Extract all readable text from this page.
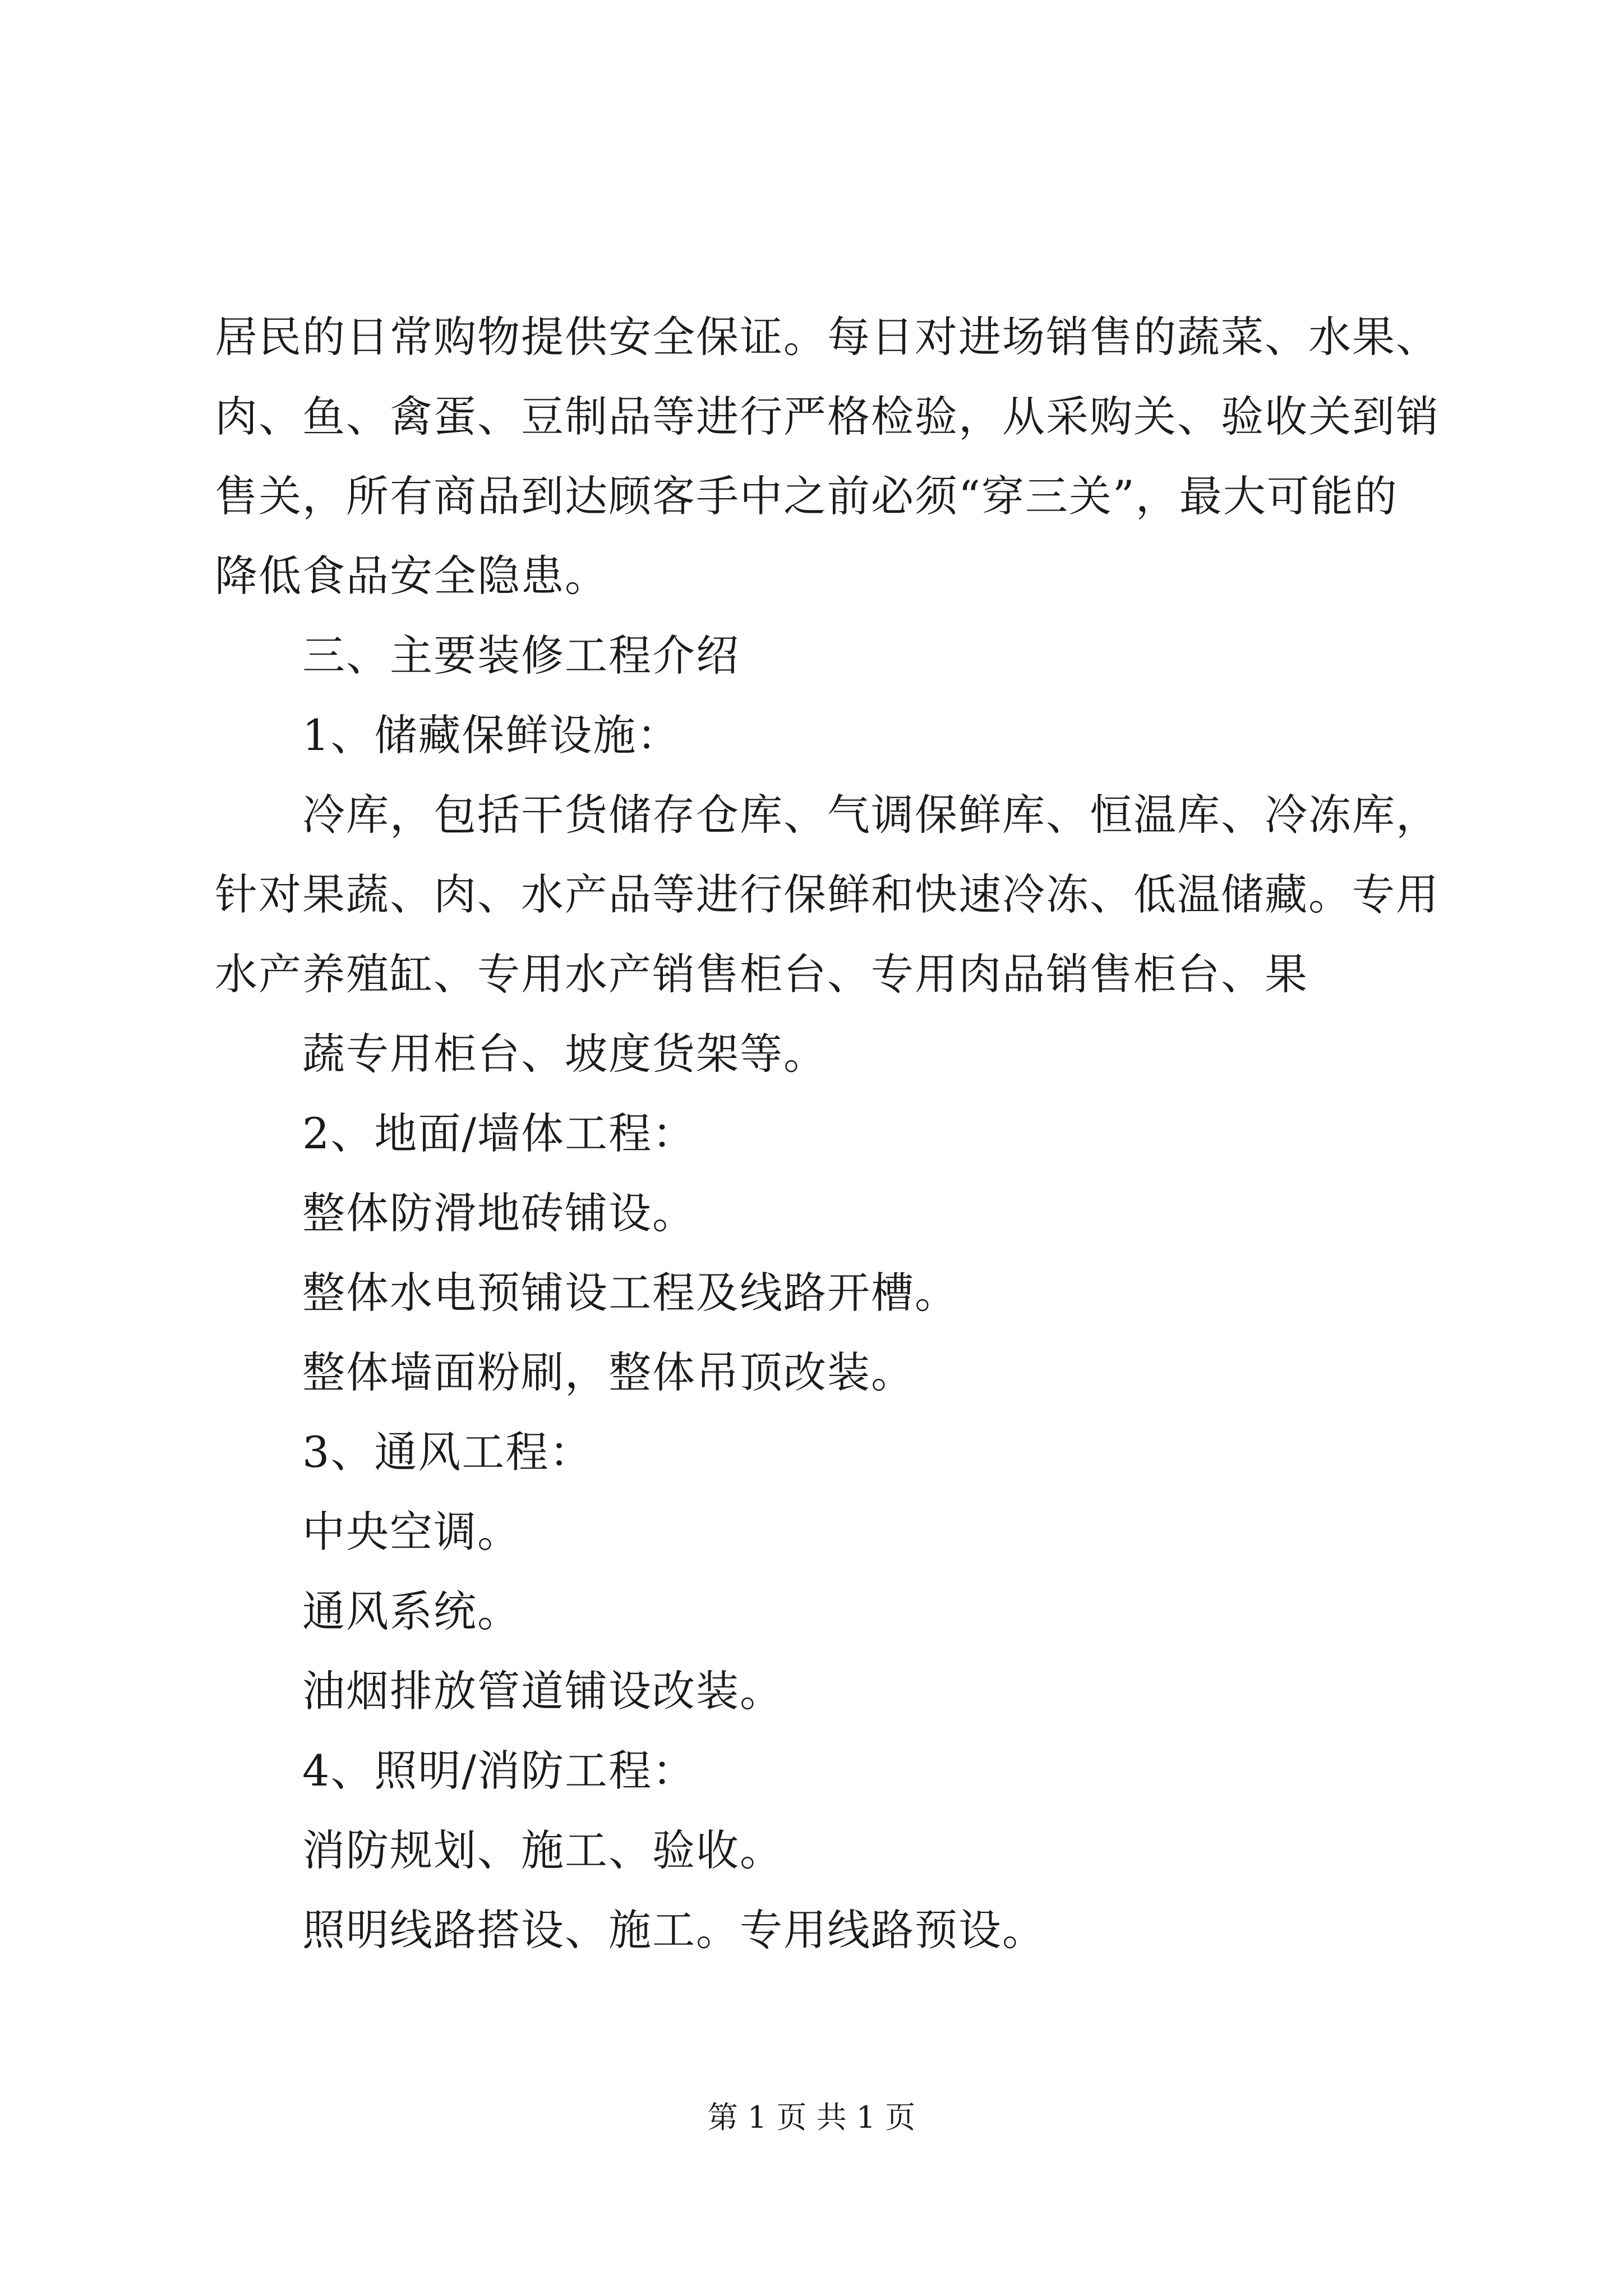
居民的日常购物提供安全保证。每日对进场销售的蔬菜、水果、
肉、鱼、禽蛋、豆制品等进行严格检验，从采购关、验收关到销
售关，所有商品到达顾客手中之前必须“穿三关”，最大可能的
降低食品安全隐患。
三、主要装修工程介绍
1、储藏保鲜设施：
冷库，包括干货储存仓库、气调保鲜库、恒温库、冷冻库，
针对果蔬、肉、水产品等进行保鲜和快速冷冻、低温储藏。专用
水产养殖缸、专用水产销售柜台、专用肉品销售柜台、果
蔬专用柜台、坡度货架等。
2、地面/墙体工程：
整体防滑地砖铺设。
整体水电预铺设工程及线路开槽。
整体墙面粉刷，整体吊顶改装。
3、通风工程：
中央空调。
通风系统。
油烟排放管道铺设改装。
4、照明/消防工程：
消防规划、施工、验收。
照明线路搭设、施工。专用线路预设。
第 1 页 共 1 页
